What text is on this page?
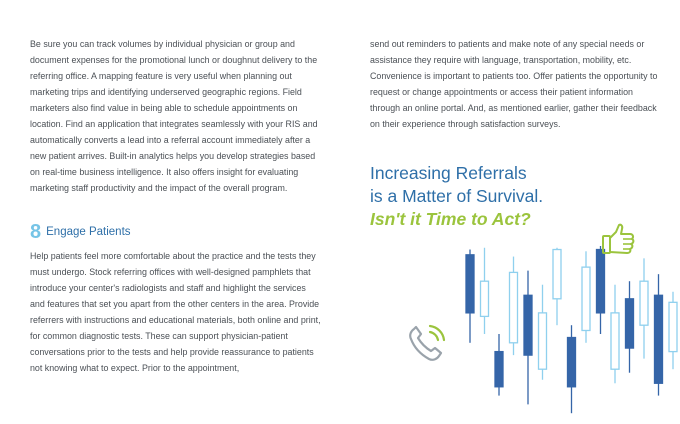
Be sure you can track volumes by individual physician or group and document expenses for the promotional lunch or doughnut delivery to the referring office. A mapping feature is very useful when planning out marketing trips and identifying underserved geographic regions. Field marketers also find value in being able to schedule appointments on location. Find an application that integrates seamlessly with your RIS and automatically converts a lead into a referral account immediately after a new patient arrives. Built-in analytics helps you develop strategies based on real-time business intelligence. It also offers insight for evaluating marketing staff productivity and the impact of the overall program.

8 Engage Patients

Help patients feel more comfortable about the practice and the tests they must undergo. Stock referring offices with well-designed pamphlets that introduce your center's radiologists and staff and highlight the services and features that set you apart from the other centers in the area. Provide referrers with instructions and educational materials, both online and print, for common diagnostic tests. These can support physician-patient conversations prior to the tests and help provide reassurance to patients not knowing what to expect. Prior to the appointment,

send out reminders to patients and make note of any special needs or assistance they require with language, transportation, mobility, etc. Convenience is important to patients too. Offer patients the opportunity to request or change appointments or access their patient information through an online portal. And, as mentioned earlier, gather their feedback on their experience through satisfaction surveys.

Increasing Referrals
is a Matter of Survival.
Isn't it Time to Act?
